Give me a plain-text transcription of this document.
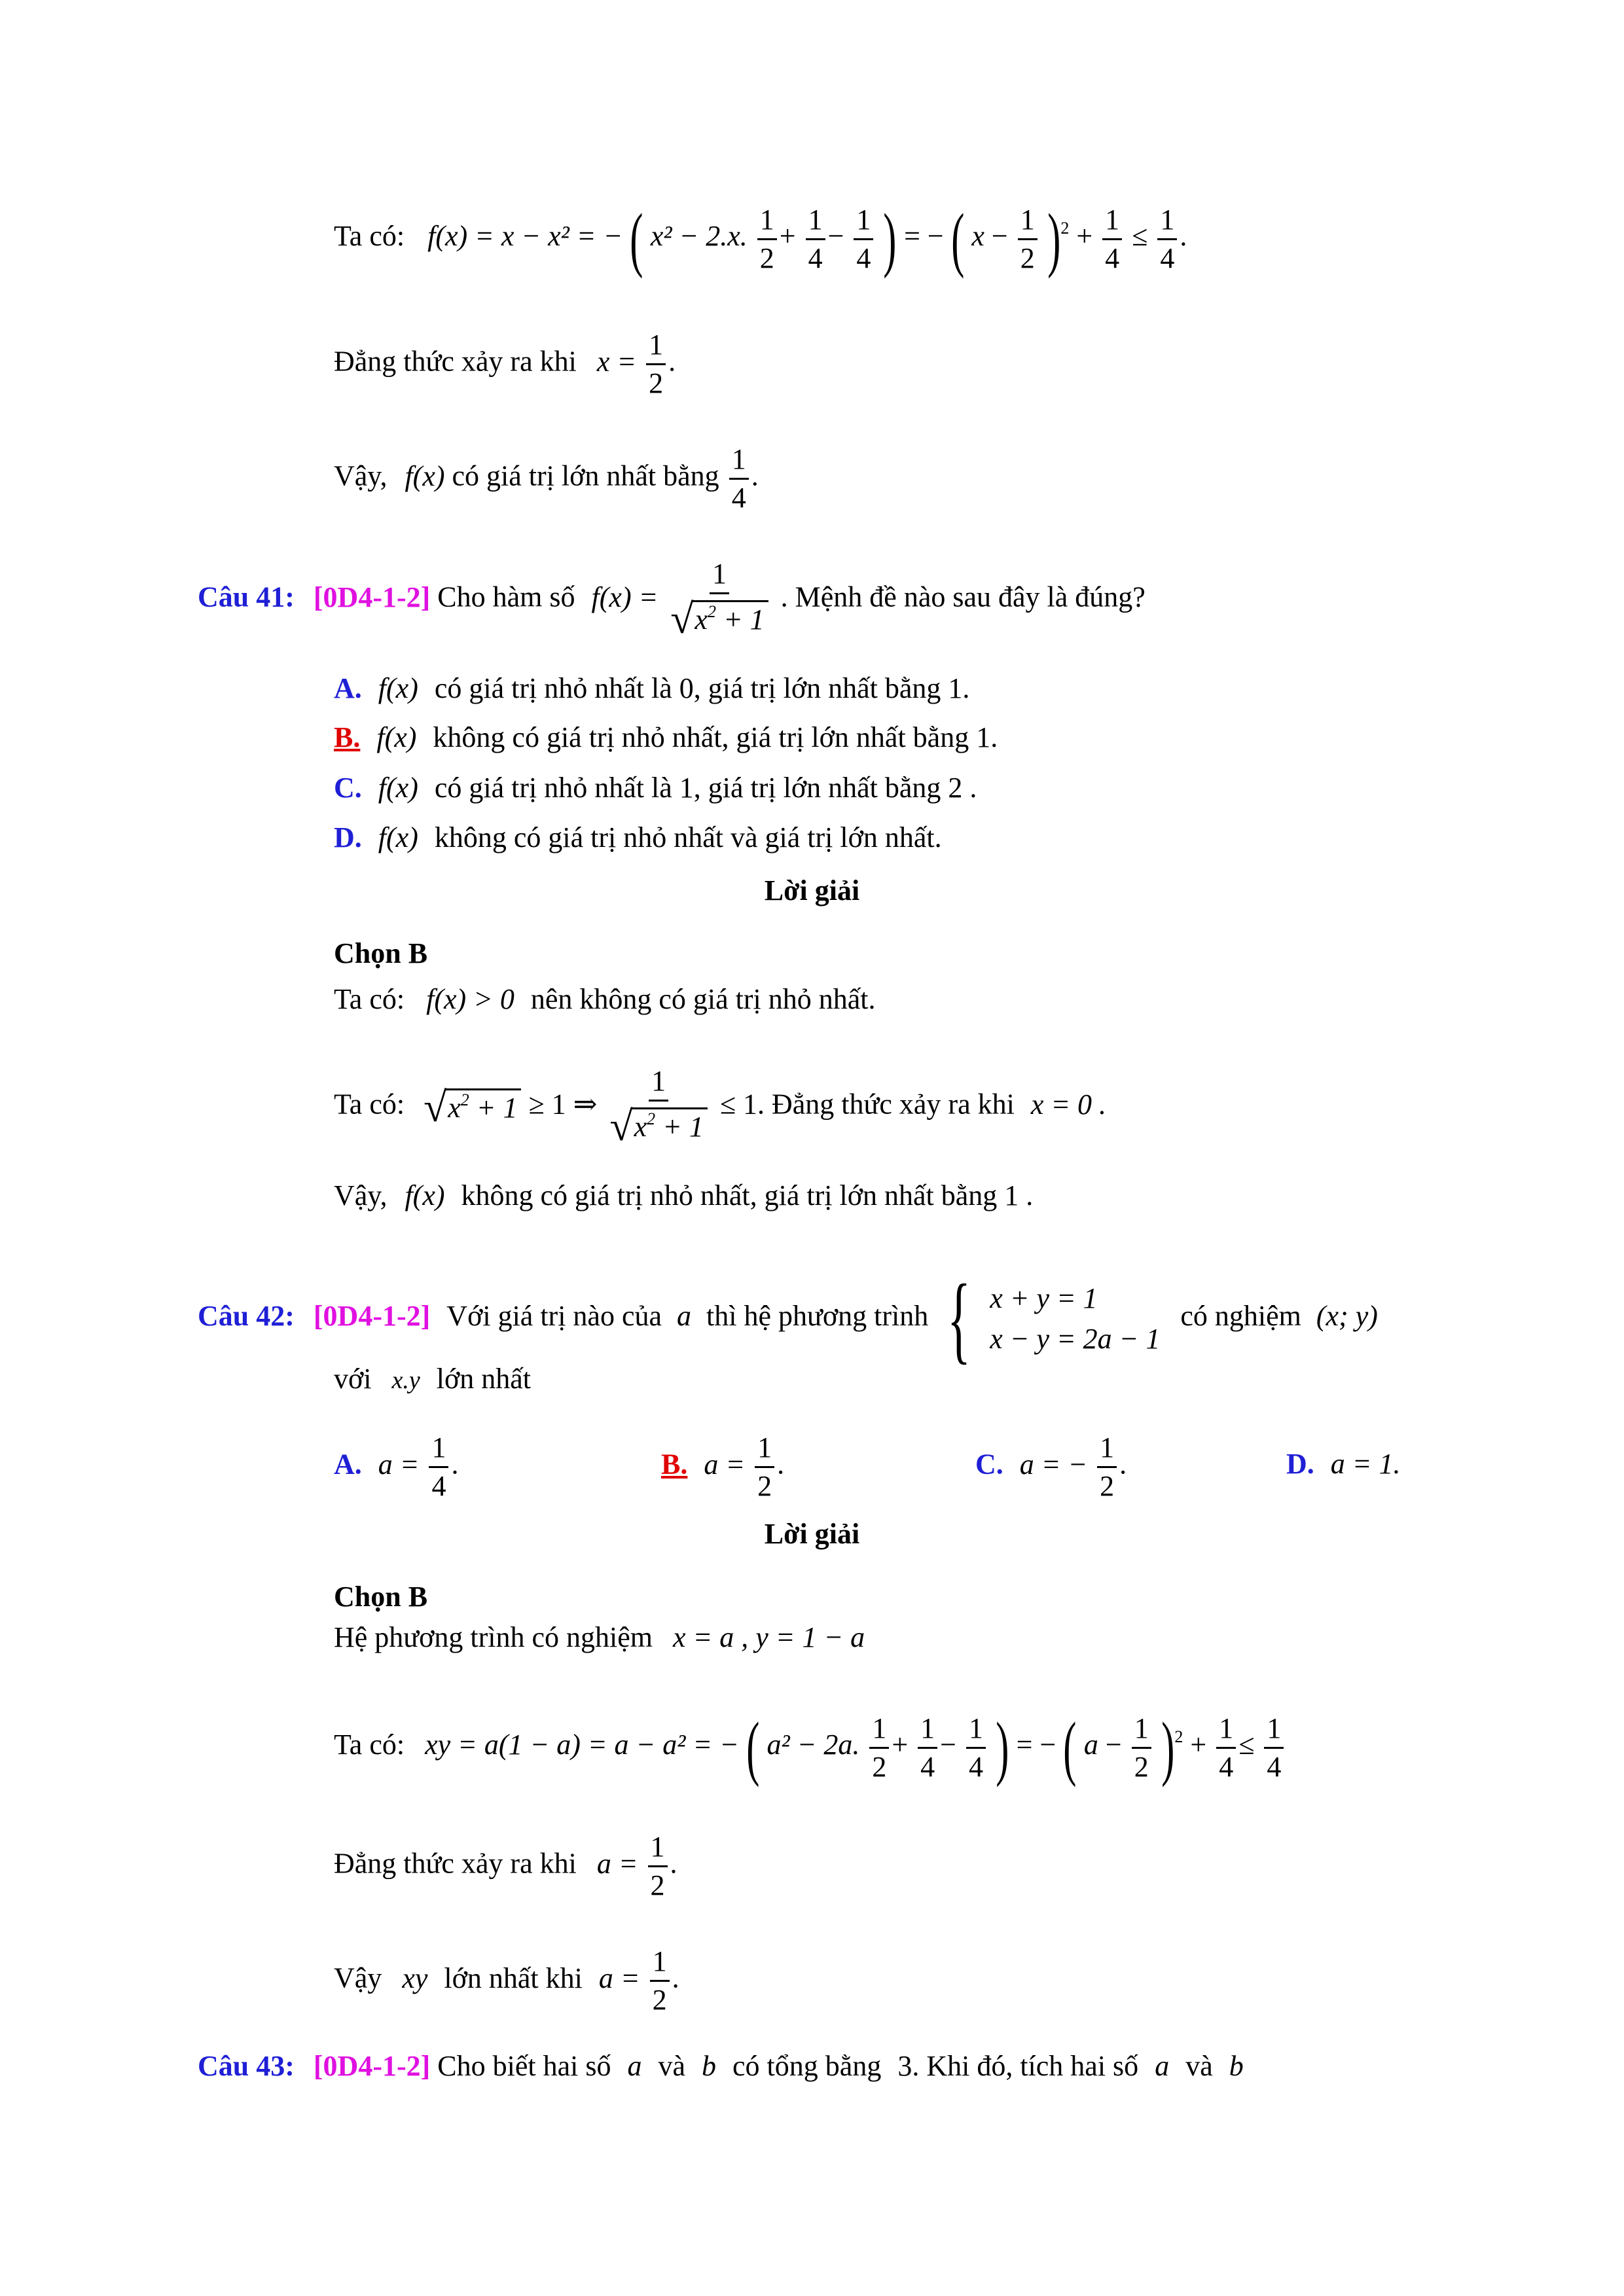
Ta có: f(x) = x − x² = − ( x² − 2.x. $\frac{1}{2} + \frac{1}{4} - \frac{1}{4}$ ) = − ( $x - \frac{1}{2} )^2 + \frac{1}{4} \le \frac{1}{4}$ .
Đẳng thức xảy ra khi $x = \frac{1}{2}$ .
Vậy, f(x) có giá trị lớn nhất bằng $\frac{1}{4}$ .
Câu 41: [0D4-1-2] Cho hàm số $f(x) = \frac{1}{√x^2 + 1}$ . Mệnh đề nào sau đây là đúng?
A. f(x) có giá trị nhỏ nhất là 0, giá trị lớn nhất bằng 1.
B. f(x) không có giá trị nhỏ nhất, giá trị lớn nhất bằng 1.
C. f(x) có giá trị nhỏ nhất là 1, giá trị lớn nhất bằng 2 .
D. f(x) không có giá trị nhỏ nhất và giá trị lớn nhất.
Lời giải
Chọn B
Ta có: f(x) > 0 nên không có giá trị nhỏ nhất.
Ta có: $√x^2 + 1 \ge 1$ ⇒ $\frac{1}{√x^2 + 1} \le 1$. Đẳng thức xảy ra khi x = 0 .
Vậy, f(x) không có giá trị nhỏ nhất, giá trị lớn nhất bằng 1 .
Câu 42: [0D4-1-2] Với giá trị nào của a thì hệ phương trình { x + y = 1
x − y = 2a − 1
có nghiệm (x; y)
với x.y lớn nhất
A. $a = \frac{1}{4}$ .	B. $a = \frac{1}{2}$ .	C. a = − $\frac{1}{2}$ .	D. a = 1.
Lời giải
Chọn B
Hệ phương trình có nghiệm x = a , y = 1 − a
Ta có: xy = a(1 − a) = a − a² = − ( a² − 2a. $\frac{1}{2} + \frac{1}{4} - \frac{1}{4}$ ) = − ( $a - \frac{1}{2} )^2 + \frac{1}{4} \le \frac{1}{4}$
Đẳng thức xảy ra khi $a = \frac{1}{2}$ .
Vậy xy lớn nhất khi $a = \frac{1}{2}$ .
Câu 43: [0D4-1-2] Cho biết hai số a và b có tổng bằng 3. Khi đó, tích hai số a và b
